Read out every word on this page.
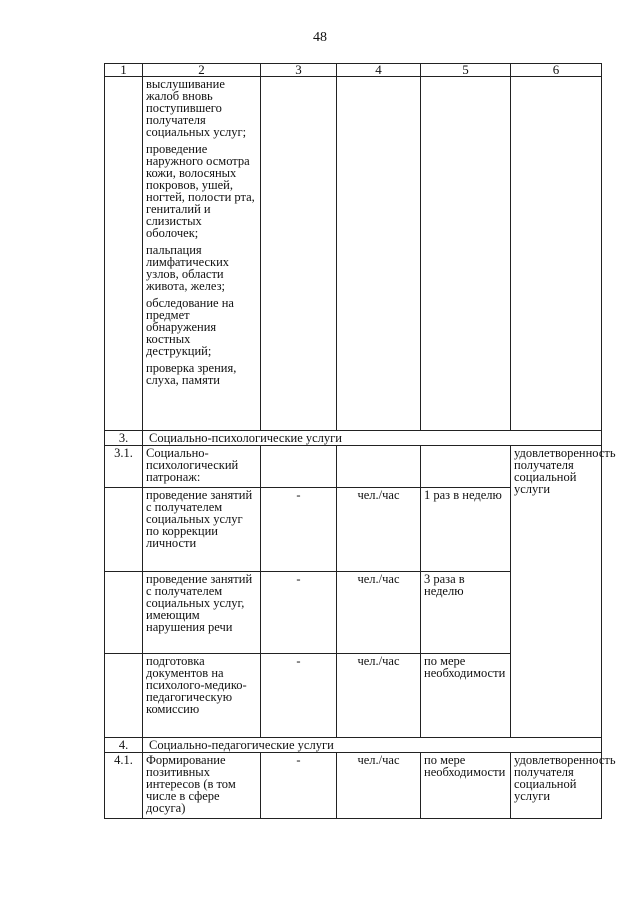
48
1	2	3	4	5	6

	выслушивание жалоб вновь поступившего получателя социальных услуг;
проведение наружного осмотра кожи, волосяных покровов, ушей, ногтей, полости рта, гениталий и слизистых оболочек;
пальпация лимфатических узлов, области живота, желез;
обследование на предмет обнаружения костных деструкций;
проверка зрения, слуха, памяти				

3.	Социально-психологические услуги				
3.1.	Социально-психологический патронаж:				удовлетворенность получателя социальной услуги
	проведение занятий с получателем социальных услуг по коррекции личности	-	чел./час	1 раз в неделю	
	проведение занятий с получателем социальных услуг, имеющим нарушения речи	-	чел./час	3 раза в неделю	
	подготовка документов на психолого-медико-педагогическую комиссию	-	чел./час	по мере необходимости	
4.	Социально-педагогические услуги				
4.1.	Формирование позитивных интересов (в том числе в сфере досуга)	-	чел./час	по мере необходимости	удовлетворенность получателя социальной услуги
